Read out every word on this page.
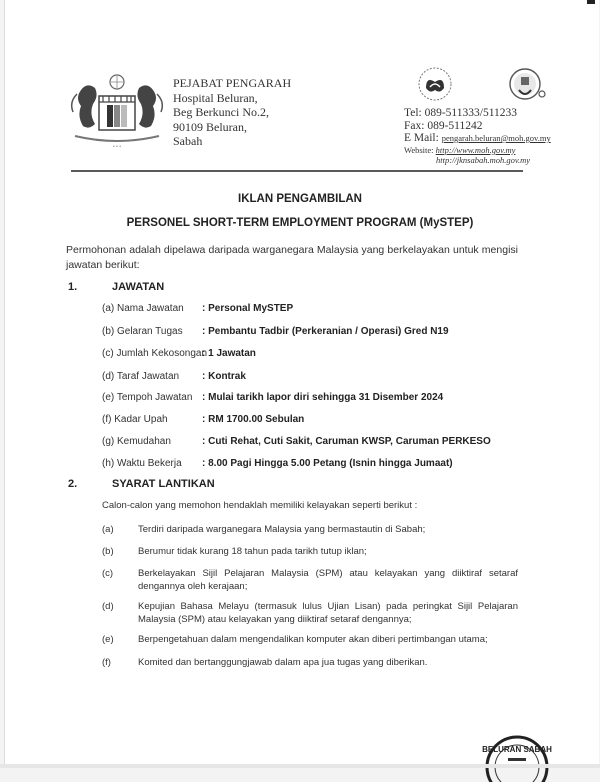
• • •
PEJABAT PENGARAH
Hospital Beluran,
Beg Berkunci No.2,
90109 Beluran,
Sabah
Tel: 089-511333/511233
Fax: 089-511242
E Mail: pengarah.beluran@moh.gov.my
Website: http://www.moh.gov.my
http://jknsabah.moh.gov.my
IKLAN PENGAMBILAN
PERSONEL SHORT-TERM EMPLOYMENT PROGRAM (MySTEP)
Permohonan adalah dipelawa daripada warganegara Malaysia yang berkelayakan untuk mengisi jawatan berikut:
1.	JAWATAN
(a) Nama Jawatan : Personal MySTEP
(b) Gelaran Tugas : Pembantu Tadbir (Perkeranian / Operasi) Gred N19
(c) Jumlah Kekosongan: 1 Jawatan
(d) Taraf Jawatan : Kontrak
(e) Tempoh Jawatan : Mulai tarikh lapor diri sehingga 31 Disember 2024
(f) Kadar Upah	: RM 1700.00 Sebulan
(g) Kemudahan	: Cuti Rehat, Cuti Sakit, Caruman KWSP, Caruman PERKESO
(h) Waktu Bekerja : 8.00 Pagi Hingga 5.00 Petang (Isnin hingga Jumaat)
2.	SYARAT LANTIKAN
Calon-calon yang memohon hendaklah memiliki kelayakan seperti berikut :
(a)	Terdiri daripada warganegara Malaysia yang bermastautin di Sabah;
(b)	Berumur tidak kurang 18 tahun pada tarikh tutup iklan;
(c)	Berkelayakan Sijil Pelajaran Malaysia (SPM) atau kelayakan yang diiktiraf setaraf dengannya oleh kerajaan;
(d)	Kepujian Bahasa Melayu (termasuk lulus Ujian Lisan) pada peringkat Sijil Pelajaran Malaysia (SPM) atau kelayakan yang diiktiraf setaraf dengannya;
(e)	Berpengetahuan dalam mengendalikan komputer akan diberi pertimbangan utama;
(f)	Komited dan bertanggungjawab dalam apa jua tugas yang diberikan.
BELURAN SABAH
